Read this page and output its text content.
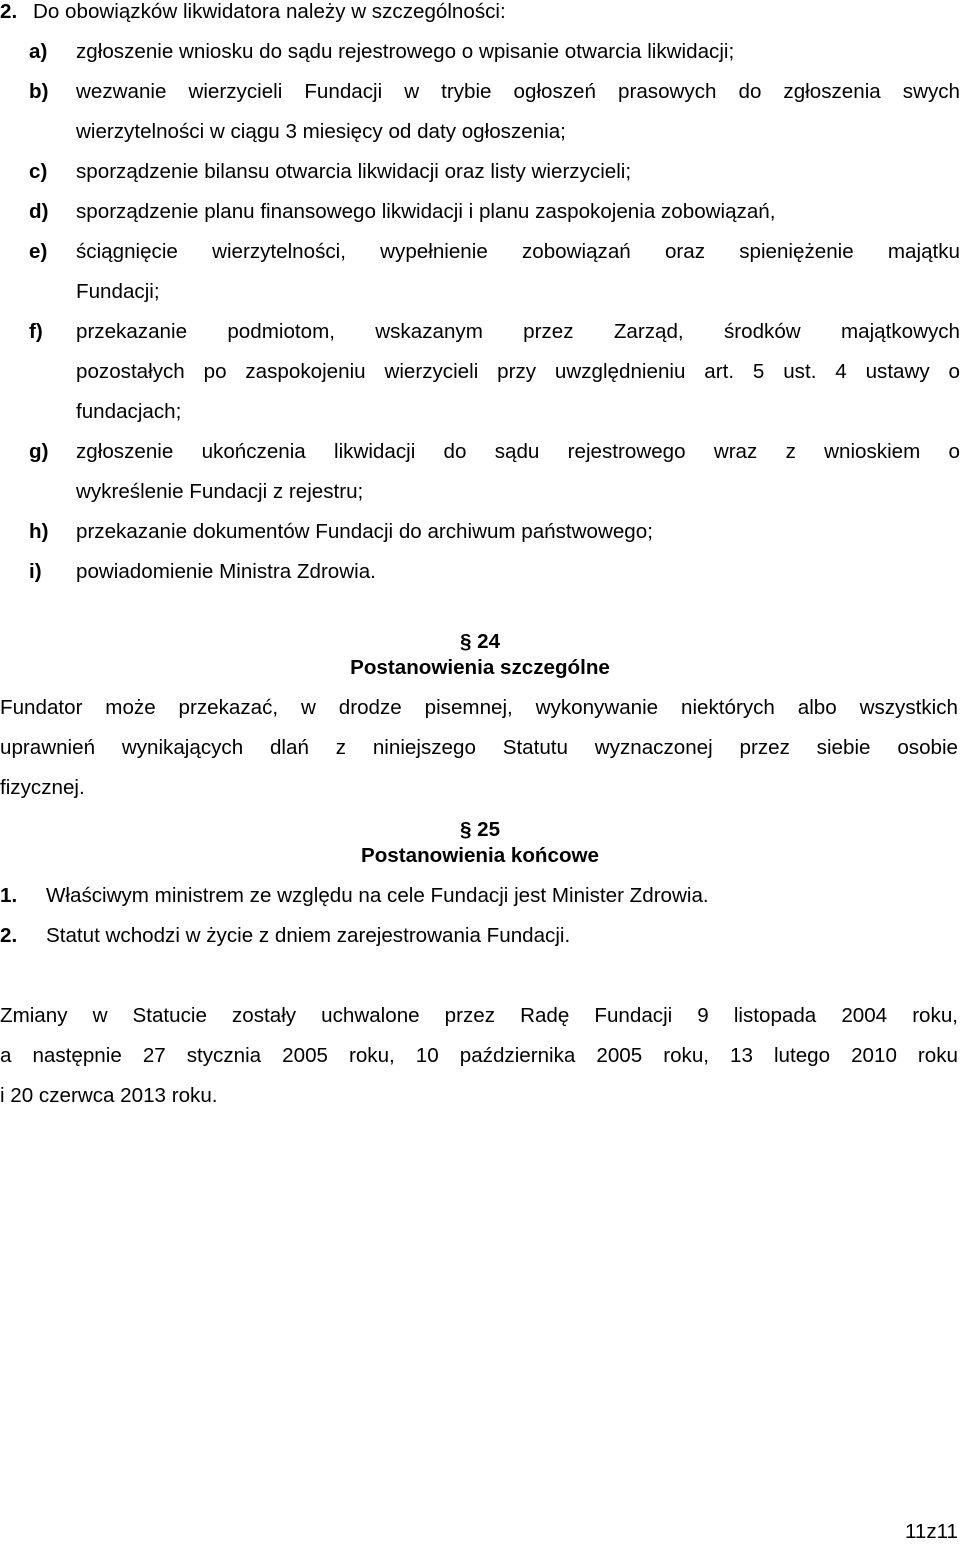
2. Do obowiązków likwidatora należy w szczególności:
a) zgłoszenie wniosku do sądu rejestrowego o wpisanie otwarcia likwidacji;
b) wezwanie wierzycieli Fundacji w trybie ogłoszeń prasowych do zgłoszenia swych
wierzytelności w ciągu 3 miesięcy od daty ogłoszenia;
c) sporządzenie bilansu otwarcia likwidacji oraz listy wierzycieli;
d) sporządzenie planu finansowego likwidacji i planu zaspokojenia zobowiązań,
e) ściągnięcie wierzytelności, wypełnienie zobowiązań oraz spieniężenie majątku
Fundacji;
f) przekazanie podmiotom, wskazanym przez Zarząd, środków majątkowych
pozostałych po zaspokojeniu wierzycieli przy uwzględnieniu art. 5 ust. 4 ustawy o
fundacjach;
g) zgłoszenie ukończenia likwidacji do sądu rejestrowego wraz z wnioskiem o
wykreślenie Fundacji z rejestru;
h) przekazanie dokumentów Fundacji do archiwum państwowego;
i) powiadomienie Ministra Zdrowia.
§ 24
Postanowienia szczególne
Fundator może przekazać, w drodze pisemnej, wykonywanie niektórych albo wszystkich
uprawnień wynikających dlań z niniejszego Statutu wyznaczonej przez siebie osobie
fizycznej.
§ 25
Postanowienia końcowe
1. Właściwym ministrem ze względu na cele Fundacji jest Minister Zdrowia.
2. Statut wchodzi w życie z dniem zarejestrowania Fundacji.
Zmiany w Statucie zostały uchwalone przez Radę Fundacji 9 listopada 2004 roku,
a następnie 27 stycznia 2005 roku, 10 października 2005 roku, 13 lutego 2010 roku
i 20 czerwca 2013 roku.
11z11
